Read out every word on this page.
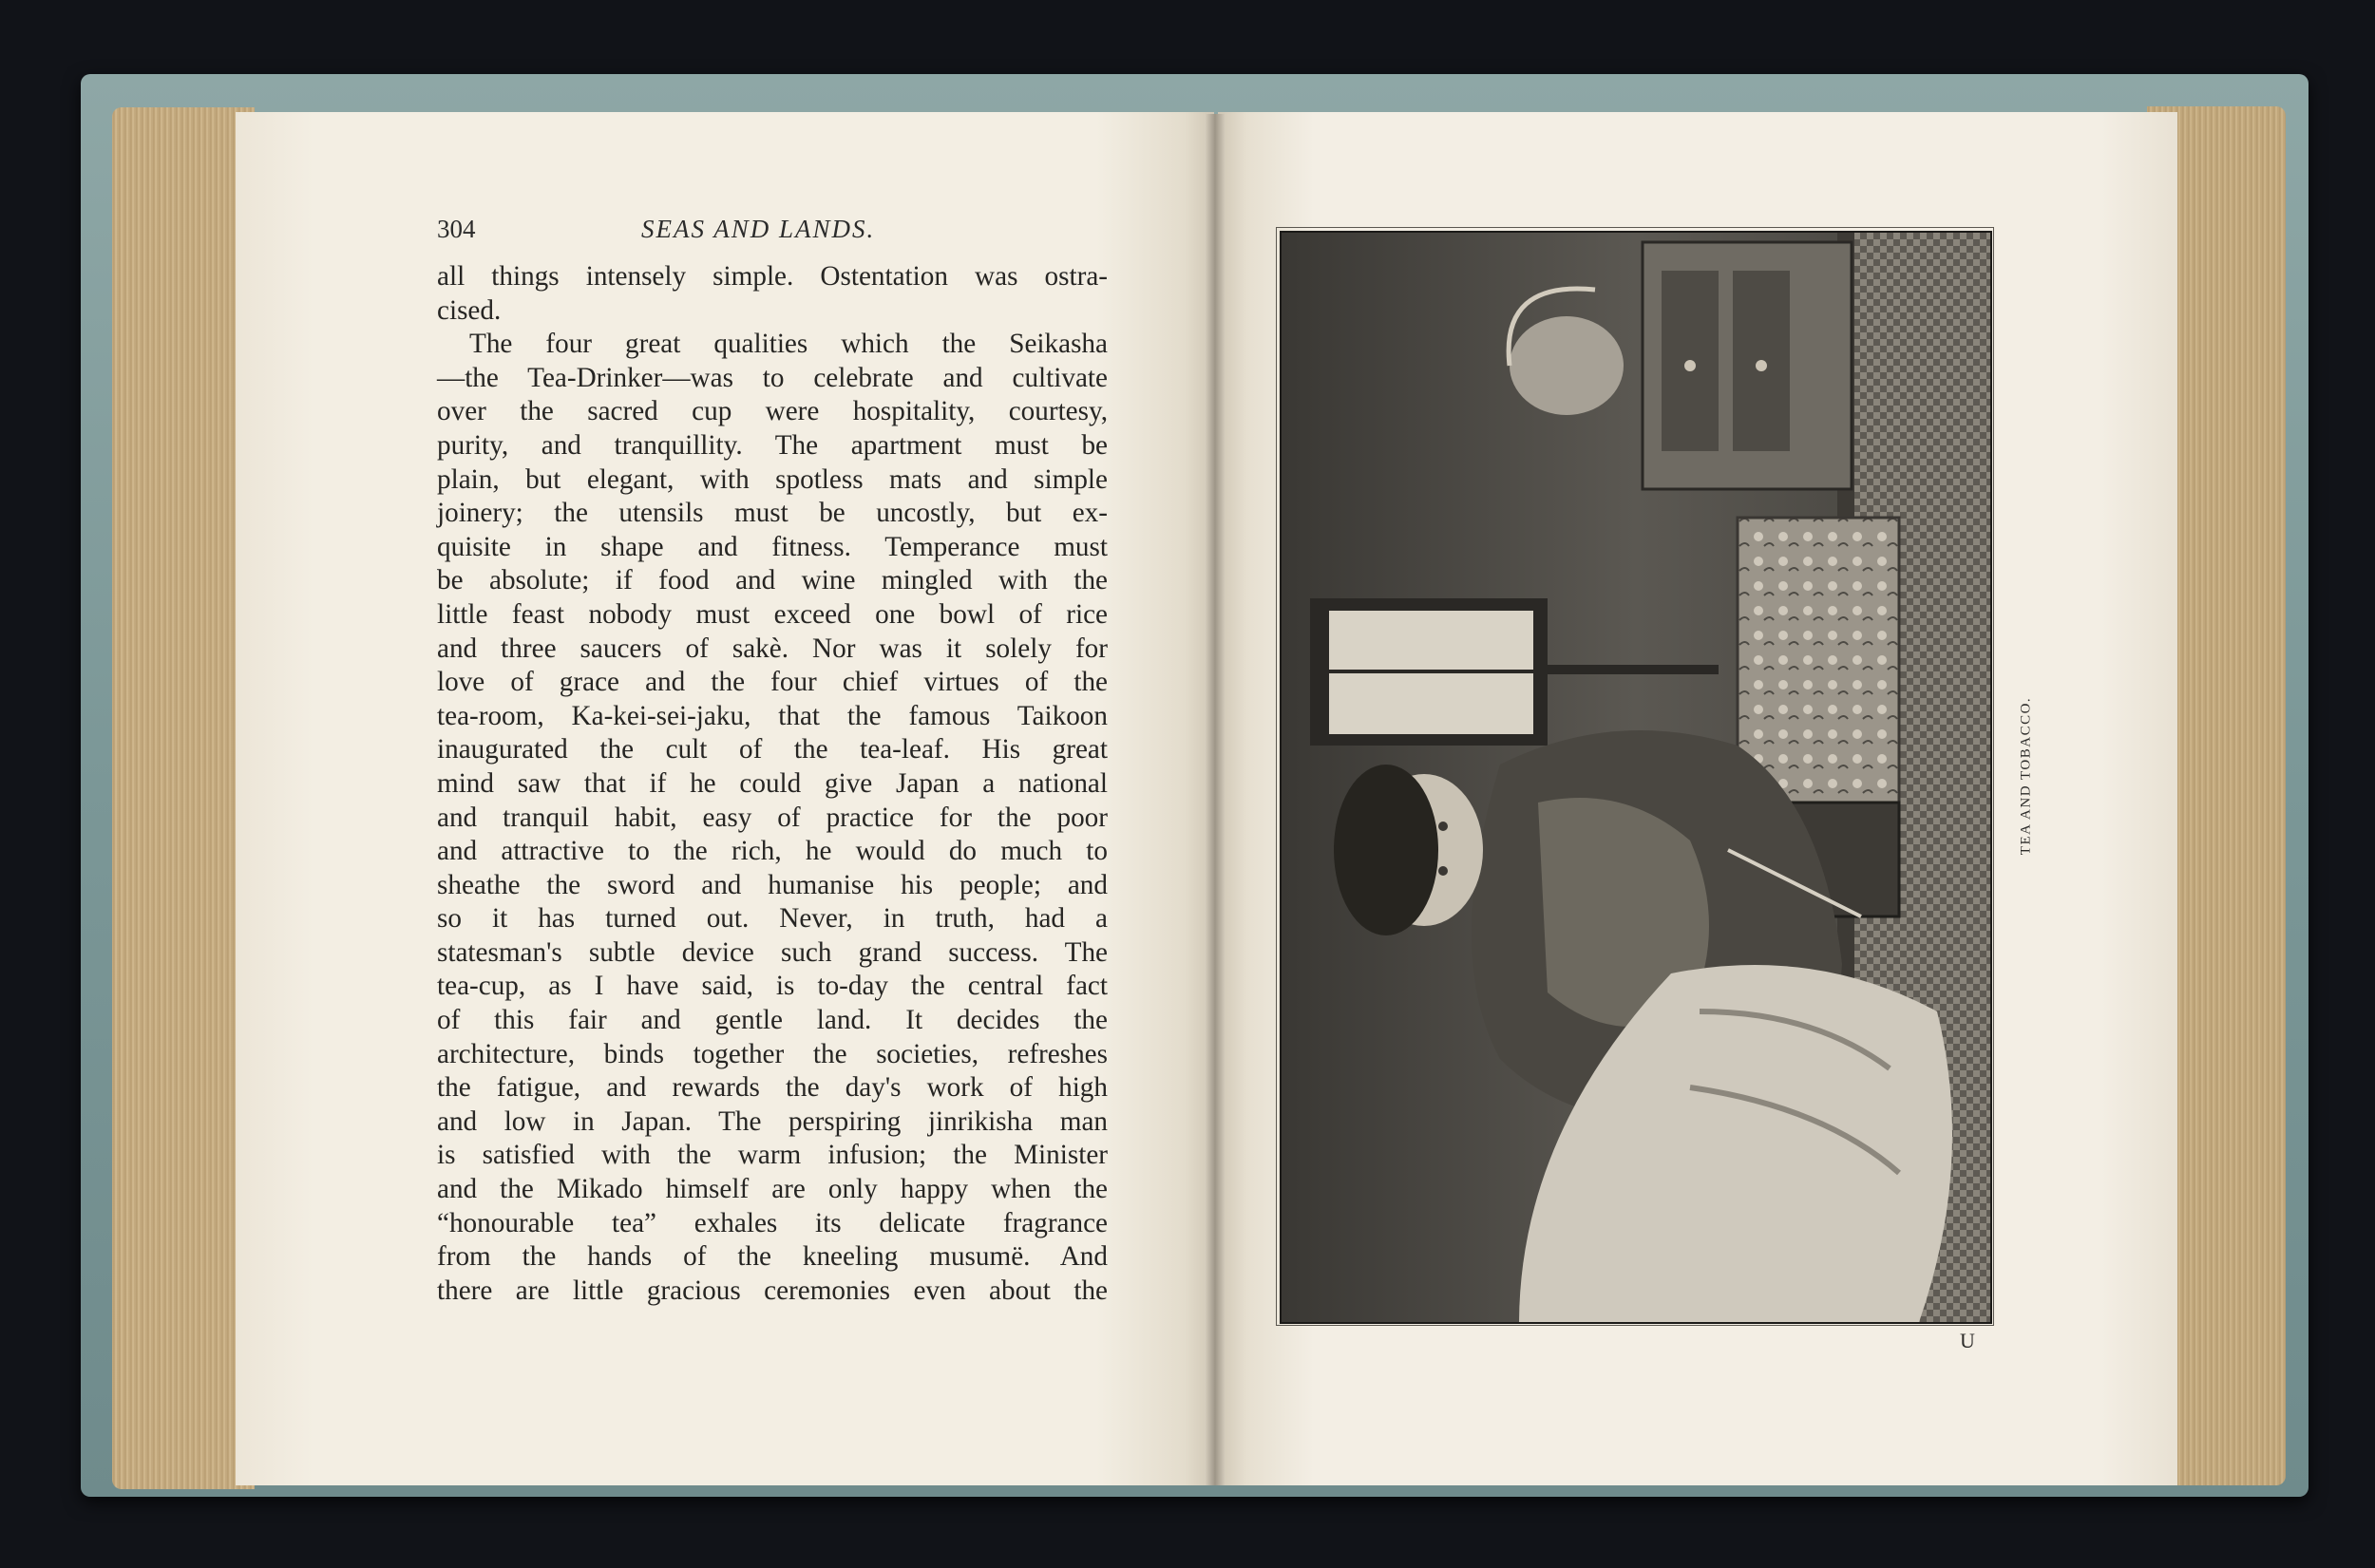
304	SEAS AND LANDS.
all things intensely simple. Ostentation was ostra-
cised.
The four great qualities which the Seikasha
—the Tea-Drinker—was to celebrate and cultivate
over the sacred cup were hospitality, courtesy,
purity, and tranquillity. The apartment must be
plain, but elegant, with spotless mats and simple
joinery; the utensils must be uncostly, but ex-
quisite in shape and fitness. Temperance must
be absolute; if food and wine mingled with the
little feast nobody must exceed one bowl of rice
and three saucers of sakè. Nor was it solely for
love of grace and the four chief virtues of the
tea-room, Ka-kei-sei-jaku, that the famous Taikoon
inaugurated the cult of the tea-leaf. His great
mind saw that if he could give Japan a national
and tranquil habit, easy of practice for the poor
and attractive to the rich, he would do much to
sheathe the sword and humanise his people; and
so it has turned out. Never, in truth, had a
statesman's subtle device such grand success. The
tea-cup, as I have said, is to-day the central fact
of this fair and gentle land. It decides the
architecture, binds together the societies, refreshes
the fatigue, and rewards the day's work of high
and low in Japan. The perspiring jinrikisha man
is satisfied with the warm infusion; the Minister
and the Mikado himself are only happy when the
“honourable tea” exhales its delicate fragrance
from the hands of the kneeling musumë. And
there are little gracious ceremonies even about the
TEA AND TOBACCO.
U
